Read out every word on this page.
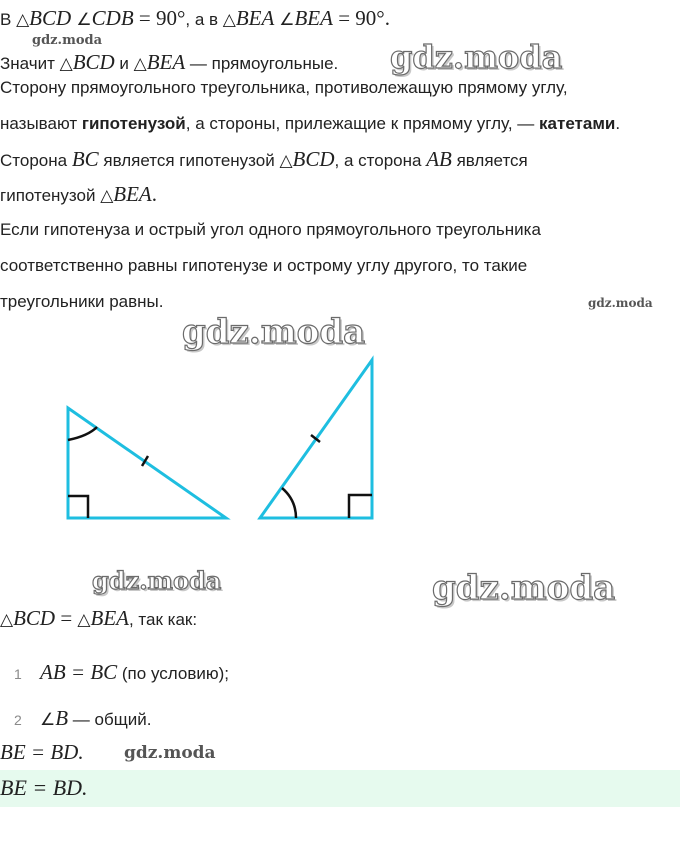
В △BCD ∠CDB = 90°, а в △BEA ∠BEA = 90°.
gdz.moda
Значит △BCD и △BEA — прямоугольные. gdz.moda
Сторону прямоугольного треугольника, противолежащую прямому углу,
называют гипотенузой, а стороны, прилежащие к прямому углу, — катетами.
Сторона BC является гипотенузой △BCD, а сторона AB является
гипотенузой △BEA.
Если гипотенуза и острый угол одного прямоугольного треугольника
соответственно равны гипотенузе и острому углу другого, то такие
треугольники равны.	gdz.moda
gdz.moda
gdz.moda	gdz.moda
△BCD = △BEA, так как:
1 AB = BC (по условию);
2 ∠B — общий.
BE = BD. gdz.moda
BE = BD.
